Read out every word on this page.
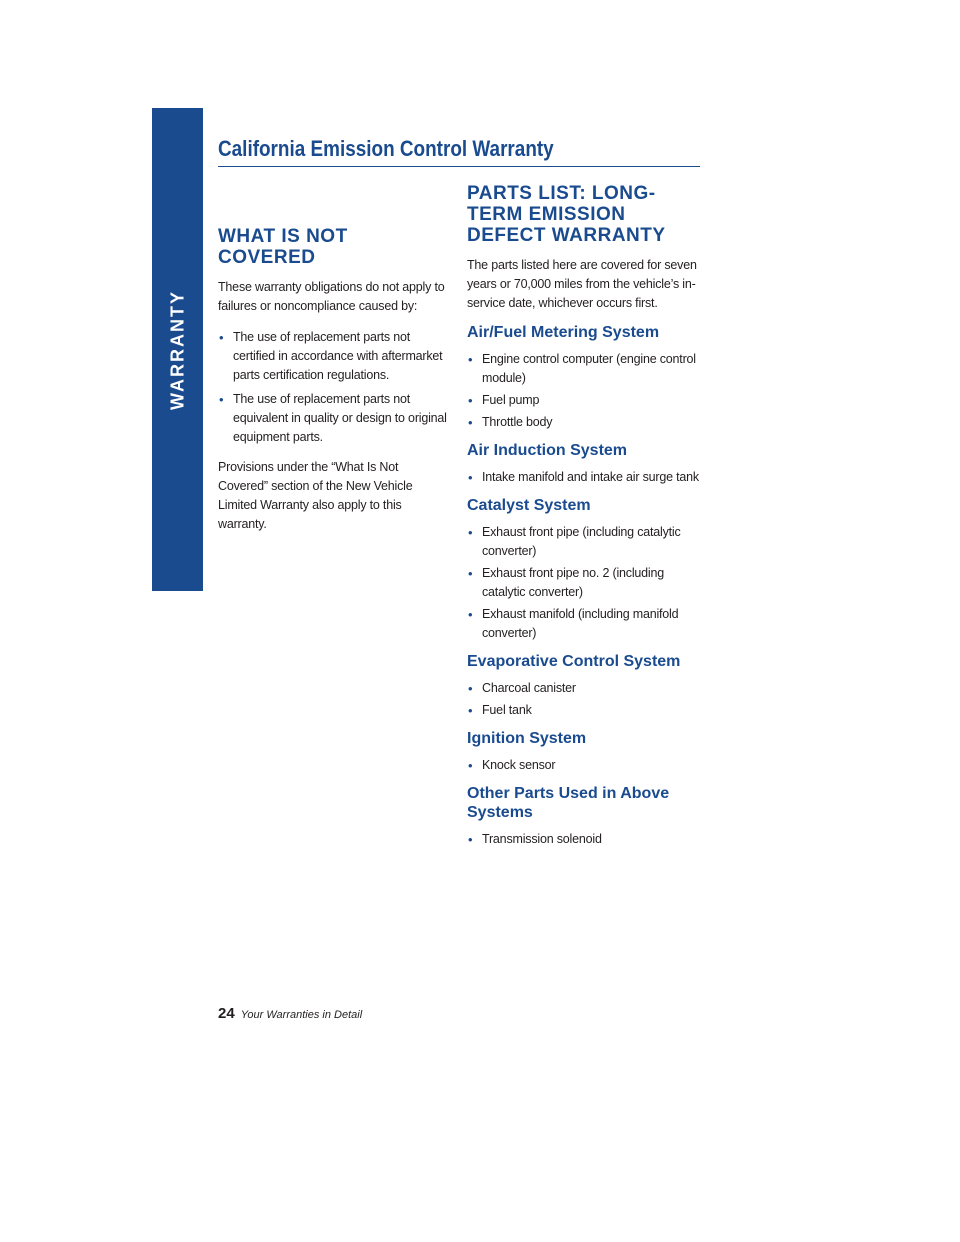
WARRANTY
California Emission Control Warranty
WHAT IS NOT COVERED

These warranty obligations do not apply to failures or noncompliance caused by:

• The use of replacement parts not certified in accordance with aftermarket parts certification regulations.
• The use of replacement parts not equivalent in quality or design to original equipment parts.

Provisions under the “What Is Not Covered” section of the New Vehicle Limited Warranty also apply to this warranty.

PARTS LIST: LONG-TERM EMISSION DEFECT WARRANTY

The parts listed here are covered for seven years or 70,000 miles from the vehicle’s in-service date, whichever occurs first.

Air/Fuel Metering System
• Engine control computer (engine control module)
• Fuel pump
• Throttle body
Air Induction System
• Intake manifold and intake air surge tank
Catalyst System
• Exhaust front pipe (including catalytic converter)
• Exhaust front pipe no. 2 (including catalytic converter)
• Exhaust manifold (including manifold converter)
Evaporative Control System
• Charcoal canister
• Fuel tank
Ignition System
• Knock sensor
Other Parts Used in Above Systems
• Transmission solenoid
24 Your Warranties in Detail
